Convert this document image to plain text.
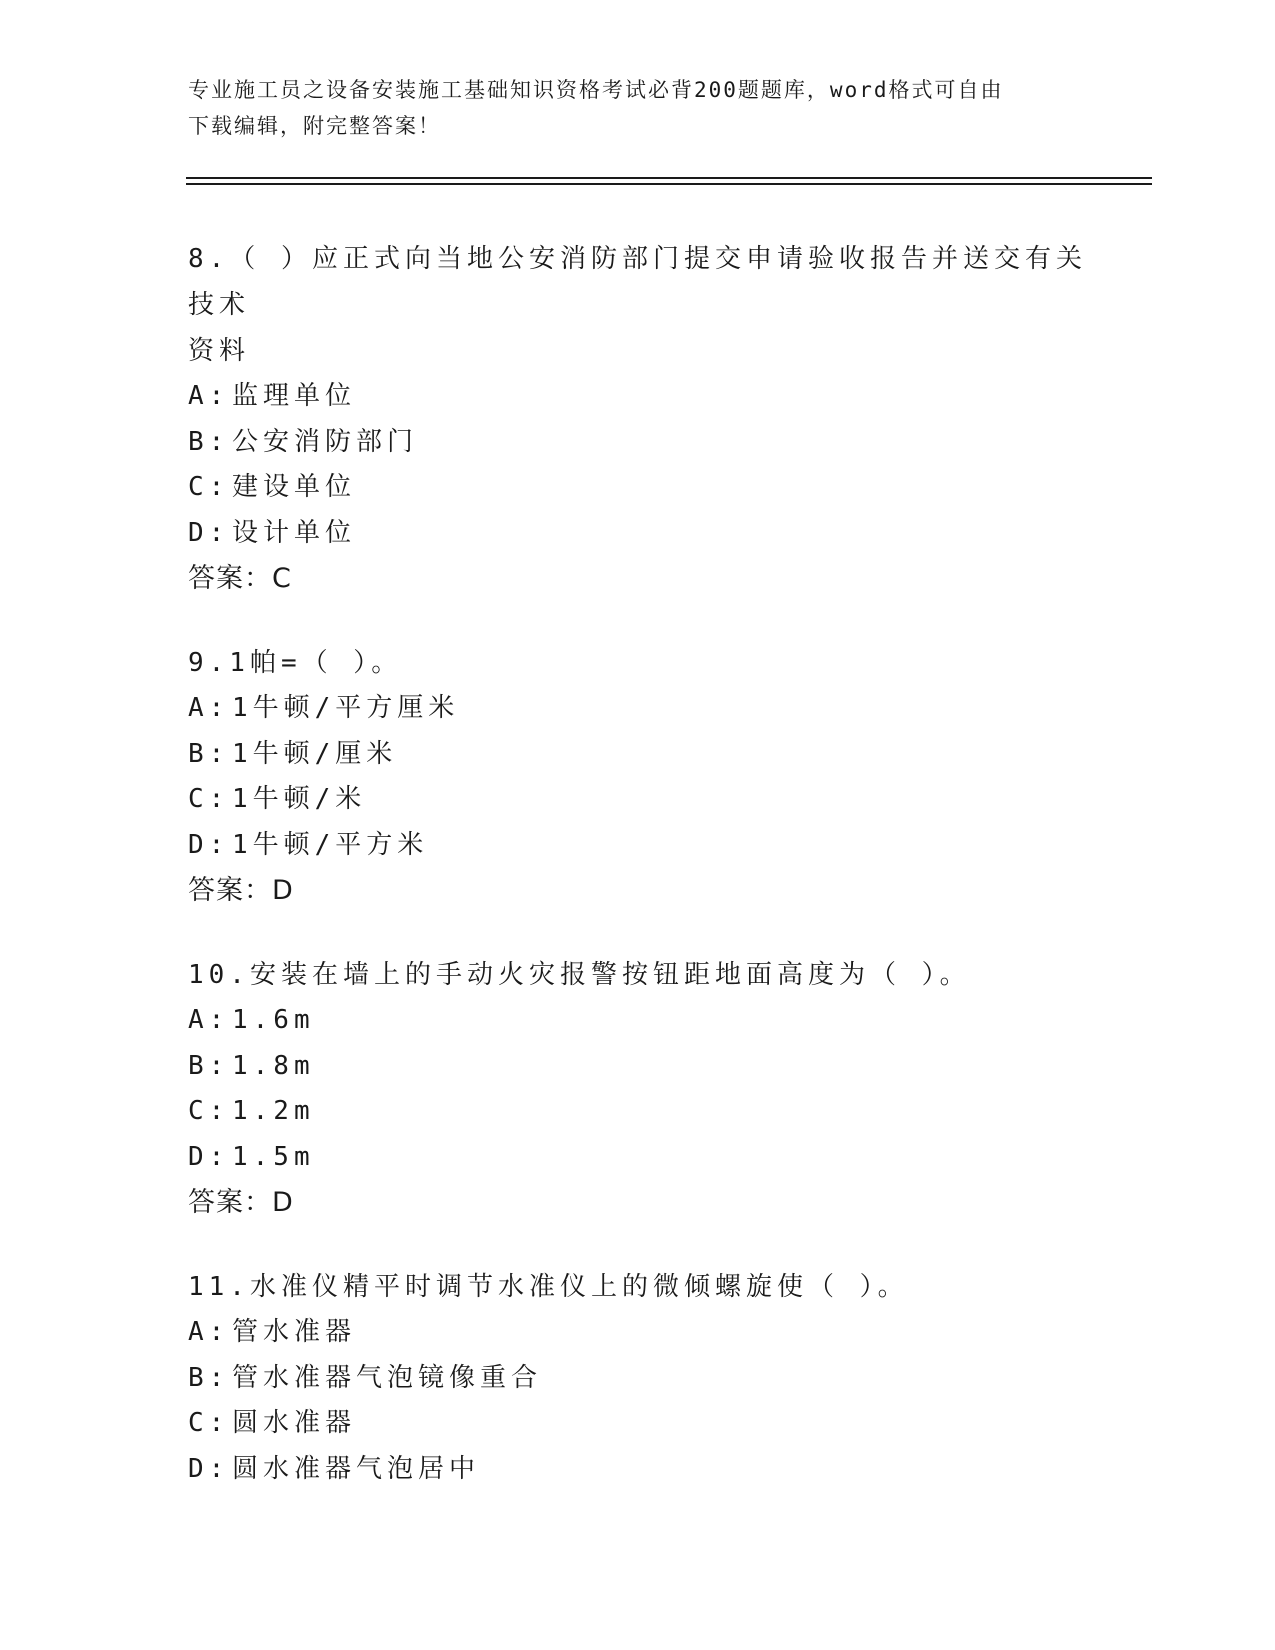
专业施工员之设备安装施工基础知识资格考试必背200题题库，word格式可自由
下载编辑，附完整答案！
8.（ ）应正式向当地公安消防部门提交申请验收报告并送交有关技术
资料
A: 监理单位
B: 公安消防部门
C: 建设单位
D: 设计单位
答案：C
9.1帕=（ ）。
A: 1牛顿/平方厘米
B: 1牛顿/厘米
C: 1牛顿/米
D: 1牛顿/平方米
答案：D
10.安装在墙上的手动火灾报警按钮距地面高度为（ ）。
A: 1.6m
B: 1.8m
C: 1.2m
D: 1.5m
答案：D
11.水准仪精平时调节水准仪上的微倾螺旋使（ ）。
A: 管水准器
B: 管水准器气泡镜像重合
C: 圆水准器
D: 圆水准器气泡居中
